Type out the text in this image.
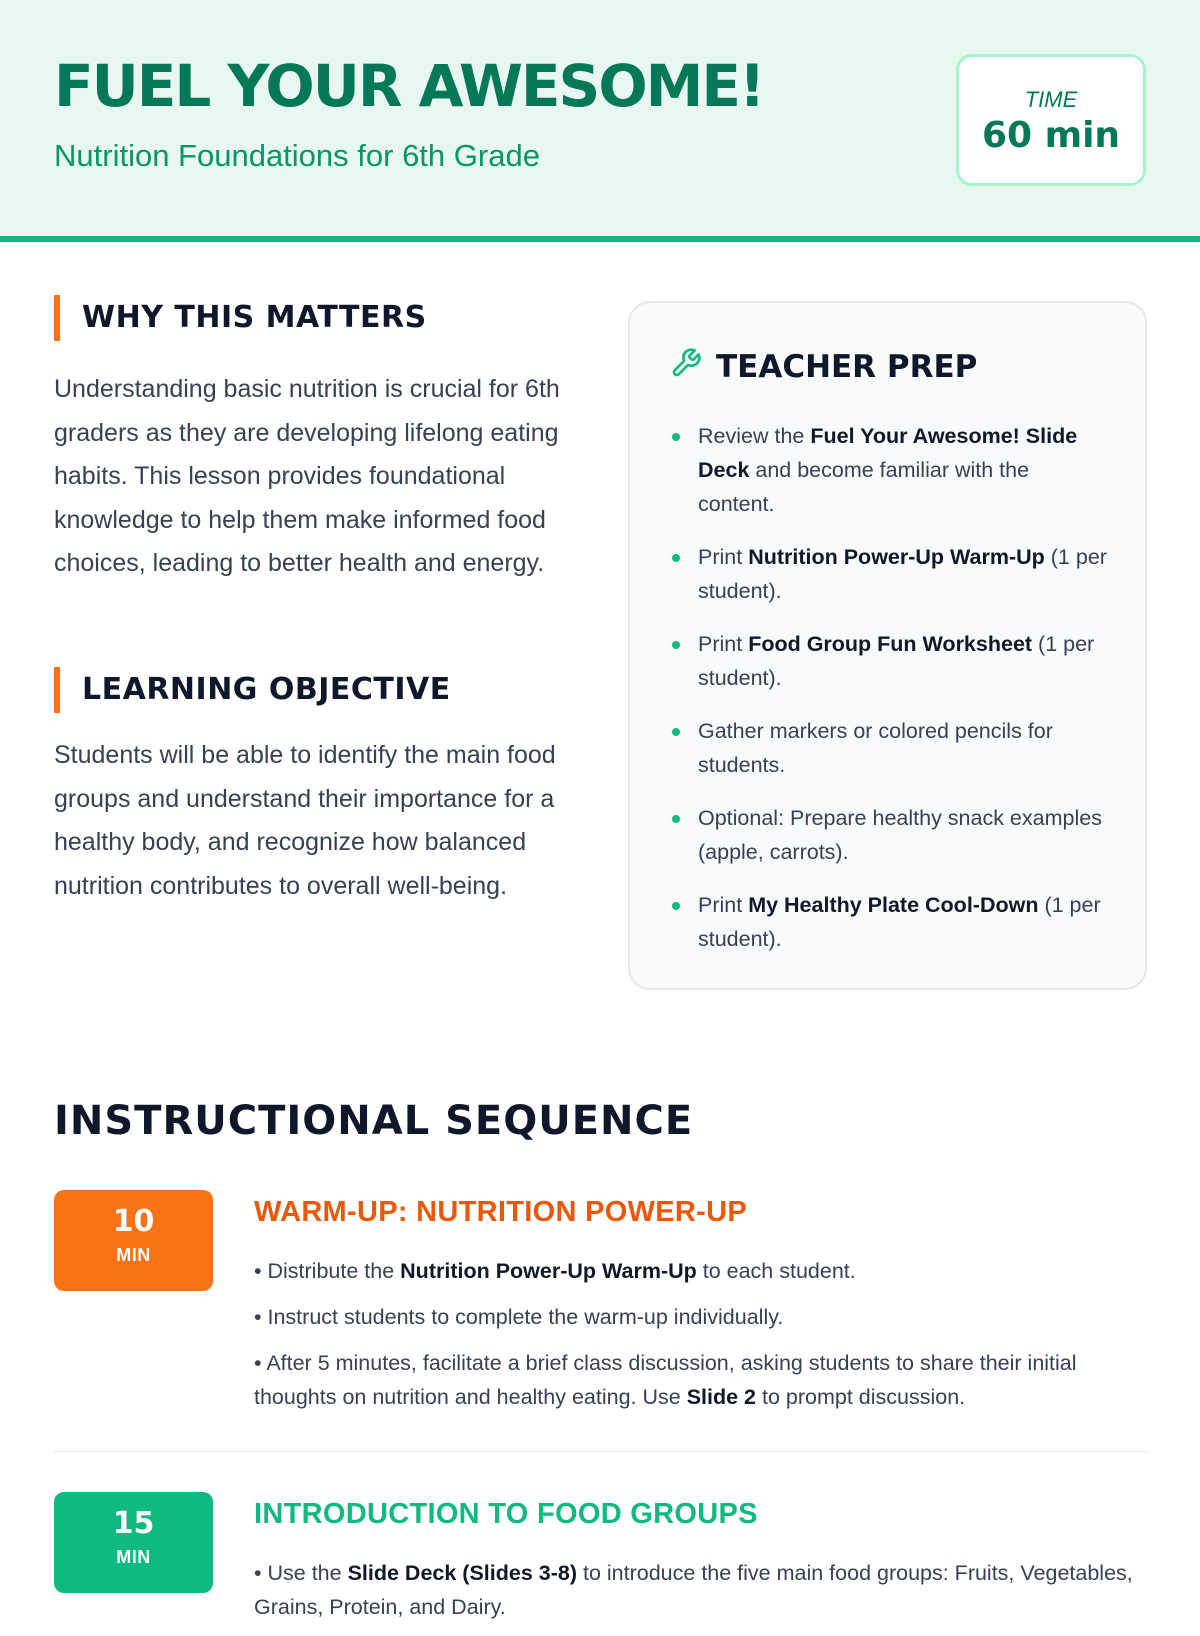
FUEL YOUR AWESOME!
Nutrition Foundations for 6th Grade
TIME
60 min
WHY THIS MATTERS
Understanding basic nutrition is crucial for 6th graders as they are developing lifelong eating habits. This lesson provides foundational knowledge to help them make informed food choices, leading to better health and energy.
LEARNING OBJECTIVE
Students will be able to identify the main food groups and understand their importance for a healthy body, and recognize how balanced nutrition contributes to overall well-being.
TEACHER PREP
Review the Fuel Your Awesome! Slide Deck and become familiar with the content.
Print Nutrition Power-Up Warm-Up (1 per student).
Print Food Group Fun Worksheet (1 per student).
Gather markers or colored pencils for students.
Optional: Prepare healthy snack examples (apple, carrots).
Print My Healthy Plate Cool-Down (1 per student).
INSTRUCTIONAL SEQUENCE
10
MIN
WARM-UP: NUTRITION POWER-UP
• Distribute the Nutrition Power-Up Warm-Up to each student.
• Instruct students to complete the warm-up individually.
• After 5 minutes, facilitate a brief class discussion, asking students to share their initial thoughts on nutrition and healthy eating. Use Slide 2 to prompt discussion.
15
MIN
INTRODUCTION TO FOOD GROUPS
• Use the Slide Deck (Slides 3-8) to introduce the five main food groups: Fruits, Vegetables, Grains, Protein, and Dairy.
